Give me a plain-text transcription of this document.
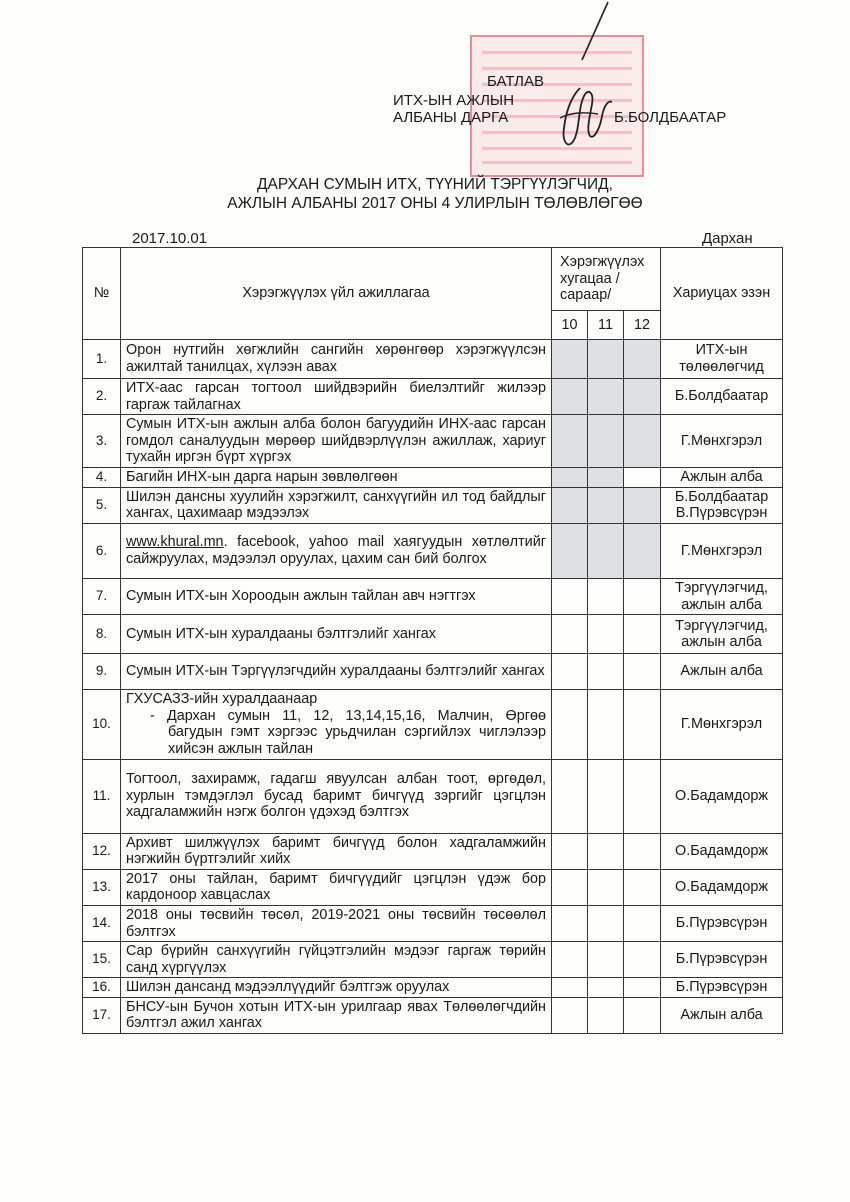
БАТЛАВ
ИТХ-ЫН АЖЛЫН
АЛБАНЫ ДАРГА	Б.БОЛДБААТАР
ДАРХАН СУМЫН ИТХ, ТҮҮНИЙ ТЭРГҮҮЛЭГЧИД,
АЖЛЫН АЛБАНЫ 2017 ОНЫ 4 УЛИРЛЫН ТӨЛӨВЛӨГӨӨ
2017.10.01	Дархан
№	Хэрэгжүүлэх үйл ажиллагаа	Хэрэгжүүлэх хугацаа /сараар/			Хариуцах эзэн
		10	11	12	
1.	Орон нутгийн хөгжлийн сангийн хөрөнгөөр хэрэгжүүлсэн ажилтай танилцах, хүлээн авах				ИТХ-ын төлөөлөгчид
2.	ИТХ-аас гарсан тогтоол шийдвэрийн биелэлтийг жилээр гаргаж тайлагнах				Б.Болдбаатар
3.	Сумын ИТХ-ын ажлын алба болон багуудийн ИНХ-аас гарсан гомдол саналуудын мөрөөр шийдвэрлүүлэн ажиллаж, хариуг тухайн иргэн бүрт хүргэх				Г.Мөнхгэрэл
4.	Багийн ИНХ-ын дарга нарын зөвлөлгөөн				Ажлын алба
5.	Шилэн дансны хуулийн хэрэгжилт, санхүүгийн ил тод байдлыг хангах, цахимаар мэдээлэх				Б.Болдбаатар В.Пүрэвсүрэн
6.	www.khural.mn. facebook, yahoo mail хаягуудын хөтлөлтийг сайжруулах, мэдээлэл оруулах, цахим сан бий болгох				Г.Мөнхгэрэл
7.	Сумын ИТХ-ын Хороодын ажлын тайлан авч нэгтгэх				Тэргүүлэгчид, ажлын алба
8.	Сумын ИТХ-ын хуралдааны бэлтгэлийг хангах				Тэргүүлэгчид, ажлын алба
9.	Сумын ИТХ-ын Тэргүүлэгчдийн хуралдааны бэлтгэлийг хангах				Ажлын алба
10.	ГХУСАЗЗ-ийн хуралдаанаар
- Дархан сумын 11, 12, 13,14,15,16, Малчин, Өргөө багудын гэмт хэргээс урьдчилан сэргийлэх чиглэлээр хийсэн ажлын тайлан				Г.Мөнхгэрэл
11.	Тогтоол, захирамж, гадагш явуулсан албан тоот, өргөдөл, хурлын тэмдэглэл бусад баримт бичгүүд зэргийг цэгцлэн хадгаламжийн нэгж болгон үдэхэд бэлтгэх				О.Бадамдорж
12.	Архивт шилжүүлэх баримт бичгүүд болон хадгаламжийн нэгжийн бүртгэлийг хийх				О.Бадамдорж
13.	2017 оны тайлан, баримт бичгүүдийг цэгцлэн үдэж бор кардоноор хавцаслах				О.Бадамдорж
14.	2018 оны төсвийн төсөл, 2019-2021 оны төсвийн төсөөлөл бэлтгэх				Б.Пүрэвсүрэн
15.	Сар бүрийн санхүүгийн гүйцэтгэлийн мэдээг гаргаж төрийн санд хүргүүлэх				Б.Пүрэвсүрэн
16.	Шилэн дансанд мэдээллүүдийг бэлтгэж оруулах				Б.Пүрэвсүрэн
17.	БНСУ-ын Бучон хотын ИТХ-ын урилгаар явах Төлөөлөгчдийн бэлтгэл ажил хангах				Ажлын алба
